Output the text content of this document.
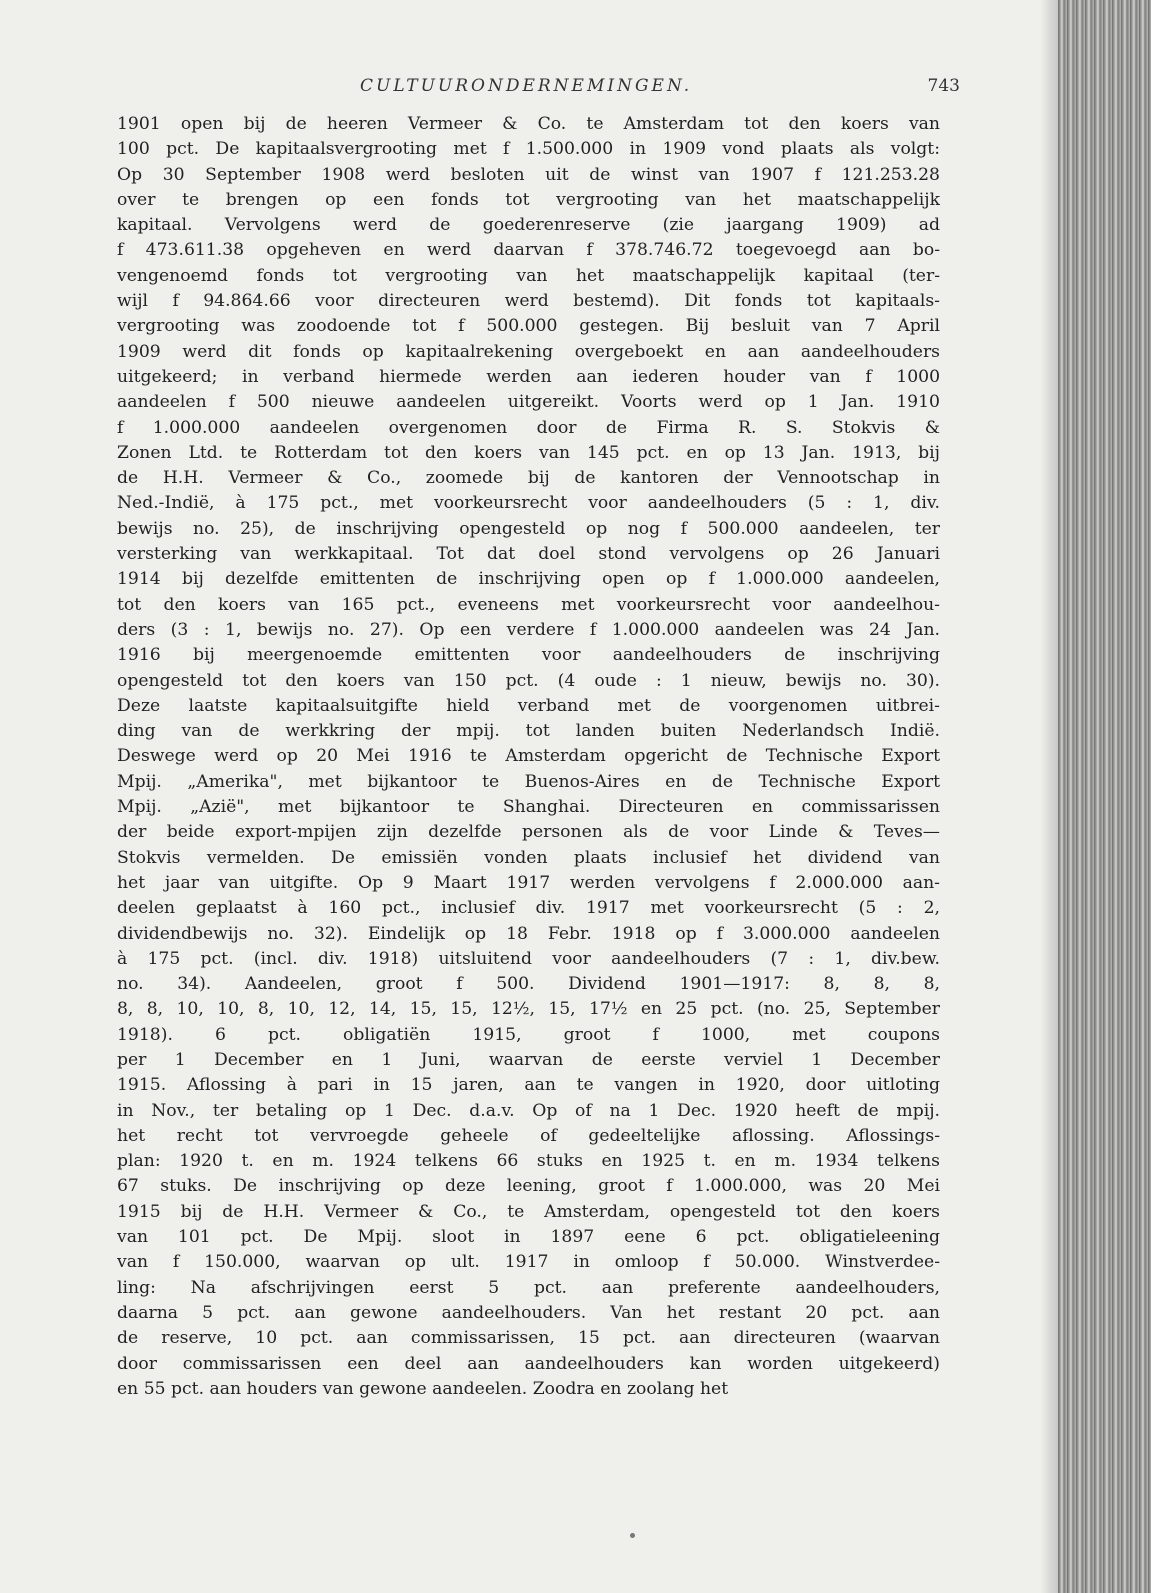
CULTUURONDERNEMINGEN.	743
1901 open bij de heeren Vermeer & Co. te Amsterdam tot den koers van
100 pct. De kapitaalsvergrooting met f 1.500.000 in 1909 vond plaats als volgt:
Op 30 September 1908 werd besloten uit de winst van 1907 f 121.253.28
over te brengen op een fonds tot vergrooting van het maatschappelijk
kapitaal. Vervolgens werd de goederenreserve (zie jaargang 1909) ad
f 473.611.38 opgeheven en werd daarvan f 378.746.72 toegevoegd aan bo-
vengenoemd fonds tot vergrooting van het maatschappelijk kapitaal (ter-
wijl f 94.864.66 voor directeuren werd bestemd). Dit fonds tot kapitaals-
vergrooting was zoodoende tot f 500.000 gestegen. Bij besluit van 7 April
1909 werd dit fonds op kapitaalrekening overgeboekt en aan aandeelhouders
uitgekeerd; in verband hiermede werden aan iederen houder van f 1000
aandeelen f 500 nieuwe aandeelen uitgereikt. Voorts werd op 1 Jan. 1910
f 1.000.000 aandeelen overgenomen door de Firma R. S. Stokvis &
Zonen Ltd. te Rotterdam tot den koers van 145 pct. en op 13 Jan. 1913, bij
de H.H. Vermeer & Co., zoomede bij de kantoren der Vennootschap in
Ned.-Indië, à 175 pct., met voorkeursrecht voor aandeelhouders (5 : 1, div.
bewijs no. 25), de inschrijving opengesteld op nog f 500.000 aandeelen, ter
versterking van werkkapitaal. Tot dat doel stond vervolgens op 26 Januari
1914 bij dezelfde emittenten de inschrijving open op f 1.000.000 aandeelen,
tot den koers van 165 pct., eveneens met voorkeursrecht voor aandeelhou-
ders (3 : 1, bewijs no. 27). Op een verdere f 1.000.000 aandeelen was 24 Jan.
1916 bij meergenoemde emittenten voor aandeelhouders de inschrijving
opengesteld tot den koers van 150 pct. (4 oude : 1 nieuw, bewijs no. 30).
Deze laatste kapitaalsuitgifte hield verband met de voorgenomen uitbrei-
ding van de werkkring der mpij. tot landen buiten Nederlandsch Indië.
Deswege werd op 20 Mei 1916 te Amsterdam opgericht de Technische Export
Mpij. „Amerika", met bijkantoor te Buenos-Aires en de Technische Export
Mpij. „Azië", met bijkantoor te Shanghai. Directeuren en commissarissen
der beide export-mpijen zijn dezelfde personen als de voor Linde & Teves—
Stokvis vermelden. De emissiën vonden plaats inclusief het dividend van
het jaar van uitgifte. Op 9 Maart 1917 werden vervolgens f 2.000.000 aan-
deelen geplaatst à 160 pct., inclusief div. 1917 met voorkeursrecht (5 : 2,
dividendbewijs no. 32). Eindelijk op 18 Febr. 1918 op f 3.000.000 aandeelen
à 175 pct. (incl. div. 1918) uitsluitend voor aandeelhouders (7 : 1, div.bew.
no. 34). Aandeelen, groot f 500. Dividend 1901—1917: 8, 8, 8,
8, 8, 10, 10, 8, 10, 12, 14, 15, 15, 12½, 15, 17½ en 25 pct. (no. 25, September
1918). 6 pct. obligatiën 1915, groot f 1000, met coupons
per 1 December en 1 Juni, waarvan de eerste verviel 1 December
1915. Aflossing à pari in 15 jaren, aan te vangen in 1920, door uitloting
in Nov., ter betaling op 1 Dec. d.a.v. Op of na 1 Dec. 1920 heeft de mpij.
het recht tot vervroegde geheele of gedeeltelijke aflossing. Aflossings-
plan: 1920 t. en m. 1924 telkens 66 stuks en 1925 t. en m. 1934 telkens
67 stuks. De inschrijving op deze leening, groot f 1.000.000, was 20 Mei
1915 bij de H.H. Vermeer & Co., te Amsterdam, opengesteld tot den koers
van 101 pct. De Mpij. sloot in 1897 eene 6 pct. obligatieleening
van f 150.000, waarvan op ult. 1917 in omloop f 50.000. Winstverdee-
ling: Na afschrijvingen eerst 5 pct. aan preferente aandeelhouders,
daarna 5 pct. aan gewone aandeelhouders. Van het restant 20 pct. aan
de reserve, 10 pct. aan commissarissen, 15 pct. aan directeuren (waarvan
door commissarissen een deel aan aandeelhouders kan worden uitgekeerd)
en 55 pct. aan houders van gewone aandeelen. Zoodra en zoolang het
